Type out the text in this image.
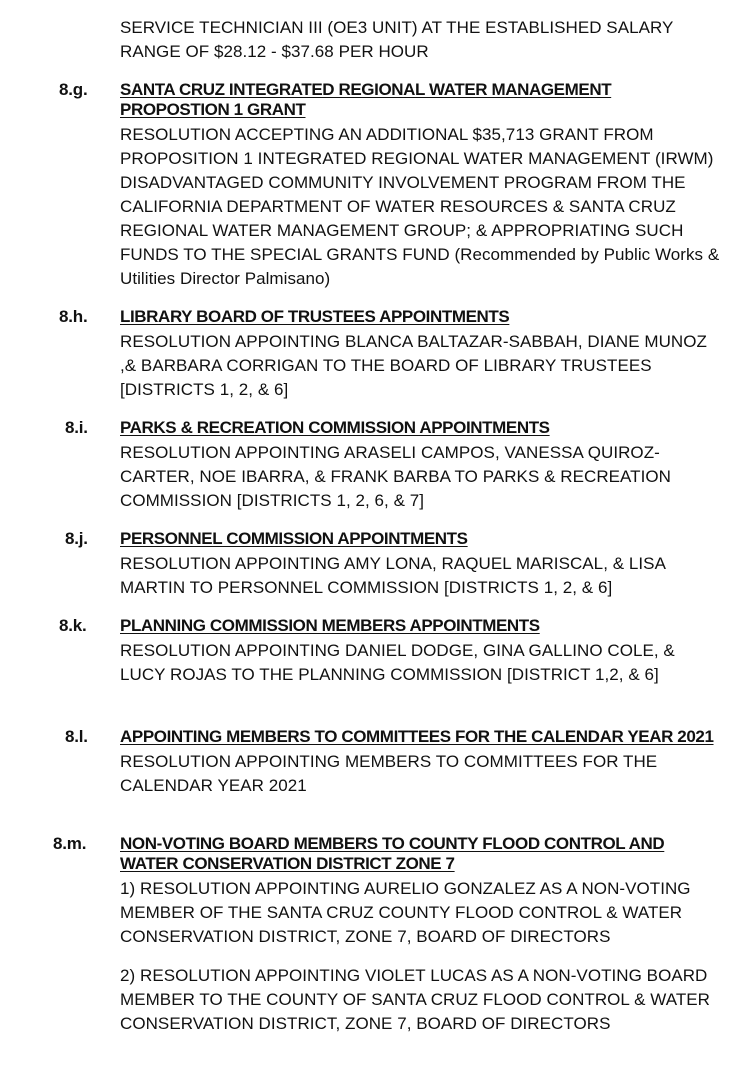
SERVICE TECHNICIAN III (OE3 UNIT) AT THE ESTABLISHED SALARY RANGE OF $28.12 - $37.68 PER HOUR
8.g. SANTA CRUZ INTEGRATED REGIONAL WATER MANAGEMENT PROPOSTION 1 GRANT
RESOLUTION ACCEPTING AN ADDITIONAL $35,713 GRANT FROM PROPOSITION 1 INTEGRATED REGIONAL WATER MANAGEMENT (IRWM) DISADVANTAGED COMMUNITY INVOLVEMENT PROGRAM FROM THE CALIFORNIA DEPARTMENT OF WATER RESOURCES & SANTA CRUZ REGIONAL WATER MANAGEMENT GROUP; & APPROPRIATING SUCH FUNDS TO THE SPECIAL GRANTS FUND (Recommended by Public Works & Utilities Director Palmisano)
8.h. LIBRARY BOARD OF TRUSTEES APPOINTMENTS
RESOLUTION APPOINTING BLANCA BALTAZAR-SABBAH, DIANE MUNOZ ,& BARBARA CORRIGAN TO THE BOARD OF LIBRARY TRUSTEES [DISTRICTS 1, 2, & 6]
8.i. PARKS & RECREATION COMMISSION APPOINTMENTS
RESOLUTION APPOINTING ARASELI CAMPOS, VANESSA QUIROZ-CARTER, NOE IBARRA, & FRANK BARBA TO PARKS & RECREATION COMMISSION [DISTRICTS 1, 2, 6, & 7]
8.j. PERSONNEL COMMISSION APPOINTMENTS
RESOLUTION APPOINTING AMY LONA, RAQUEL MARISCAL, & LISA MARTIN TO PERSONNEL COMMISSION [DISTRICTS 1, 2, & 6]
8.k. PLANNING COMMISSION MEMBERS APPOINTMENTS
RESOLUTION APPOINTING DANIEL DODGE, GINA GALLINO COLE, & LUCY ROJAS TO THE PLANNING COMMISSION [DISTRICT 1,2, & 6]
8.l. APPOINTING MEMBERS TO COMMITTEES FOR THE CALENDAR YEAR 2021
RESOLUTION APPOINTING MEMBERS TO COMMITTEES FOR THE CALENDAR YEAR 2021
8.m. NON-VOTING BOARD MEMBERS TO COUNTY FLOOD CONTROL AND WATER CONSERVATION DISTRICT ZONE 7
1) RESOLUTION APPOINTING AURELIO GONZALEZ AS A NON-VOTING MEMBER OF THE SANTA CRUZ COUNTY FLOOD CONTROL & WATER CONSERVATION DISTRICT, ZONE 7, BOARD OF DIRECTORS
2) RESOLUTION APPOINTING VIOLET LUCAS AS A NON-VOTING BOARD MEMBER TO THE COUNTY OF SANTA CRUZ FLOOD CONTROL & WATER CONSERVATION DISTRICT, ZONE 7, BOARD OF DIRECTORS
